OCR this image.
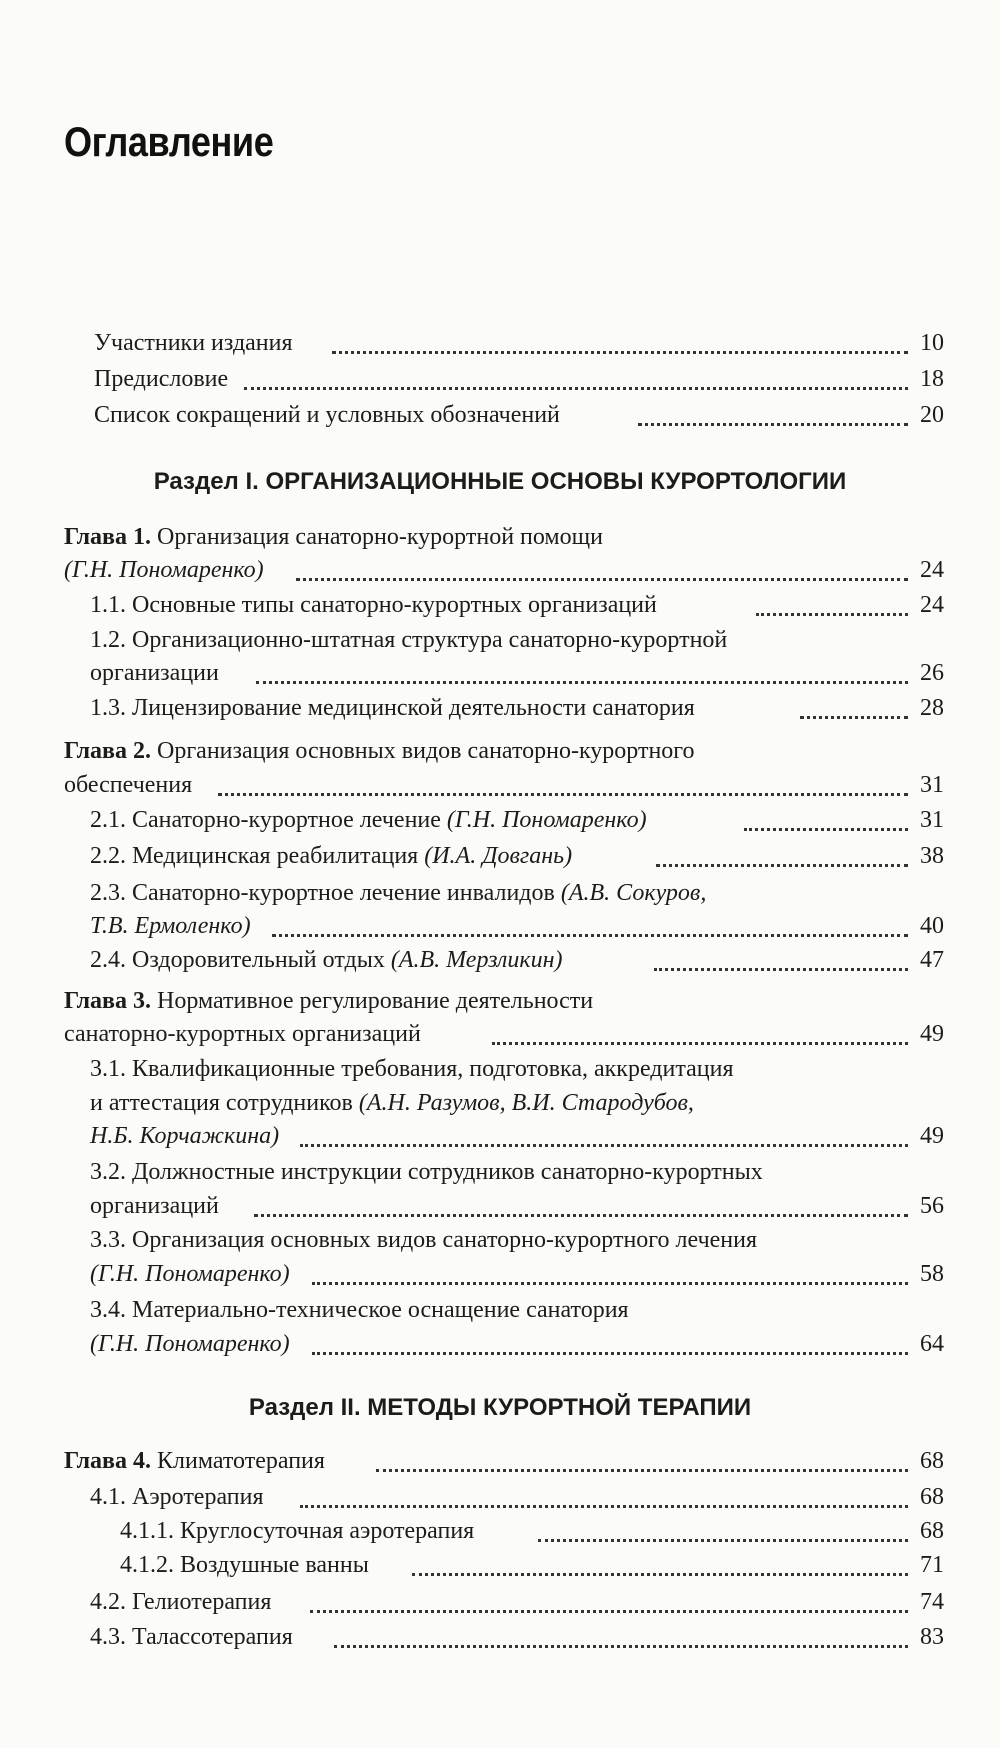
Оглавление
Участники издания	10
Предисловие	18
Список сокращений и условных обозначений	20
Раздел I. ОРГАНИЗАЦИОННЫЕ ОСНОВЫ КУРОРТОЛОГИИ
Глава 1. Организация санаторно-курортной помощи
(Г.Н. Пономаренко)	24
1.1. Основные типы санаторно-курортных организаций	24
1.2. Организационно-штатная структура санаторно-курортной
организации	26
1.3. Лицензирование медицинской деятельности санатория	28
Глава 2. Организация основных видов санаторно-курортного
обеспечения	31
2.1. Санаторно-курортное лечение (Г.Н. Пономаренко)	31
2.2. Медицинская реабилитация (И.А. Довгань)	38
2.3. Санаторно-курортное лечение инвалидов (А.В. Сокуров,
Т.В. Ермоленко)	40
2.4. Оздоровительный отдых (А.В. Мерзликин)	47
Глава 3. Нормативное регулирование деятельности
санаторно-курортных организаций	49
3.1. Квалификационные требования, подготовка, аккредитация
и аттестация сотрудников (А.Н. Разумов, В.И. Стародубов,
Н.Б. Корчажкина)	49
3.2. Должностные инструкции сотрудников санаторно-курортных
организаций	56
3.3. Организация основных видов санаторно-курортного лечения
(Г.Н. Пономаренко)	58
3.4. Материально-техническое оснащение санатория
(Г.Н. Пономаренко)	64
Раздел II. МЕТОДЫ КУРОРТНОЙ ТЕРАПИИ
Глава 4. Климатотерапия	68
4.1. Аэротерапия	68
4.1.1. Круглосуточная аэротерапия	68
4.1.2. Воздушные ванны	71
4.2. Гелиотерапия	74
4.3. Талассотерапия	83
